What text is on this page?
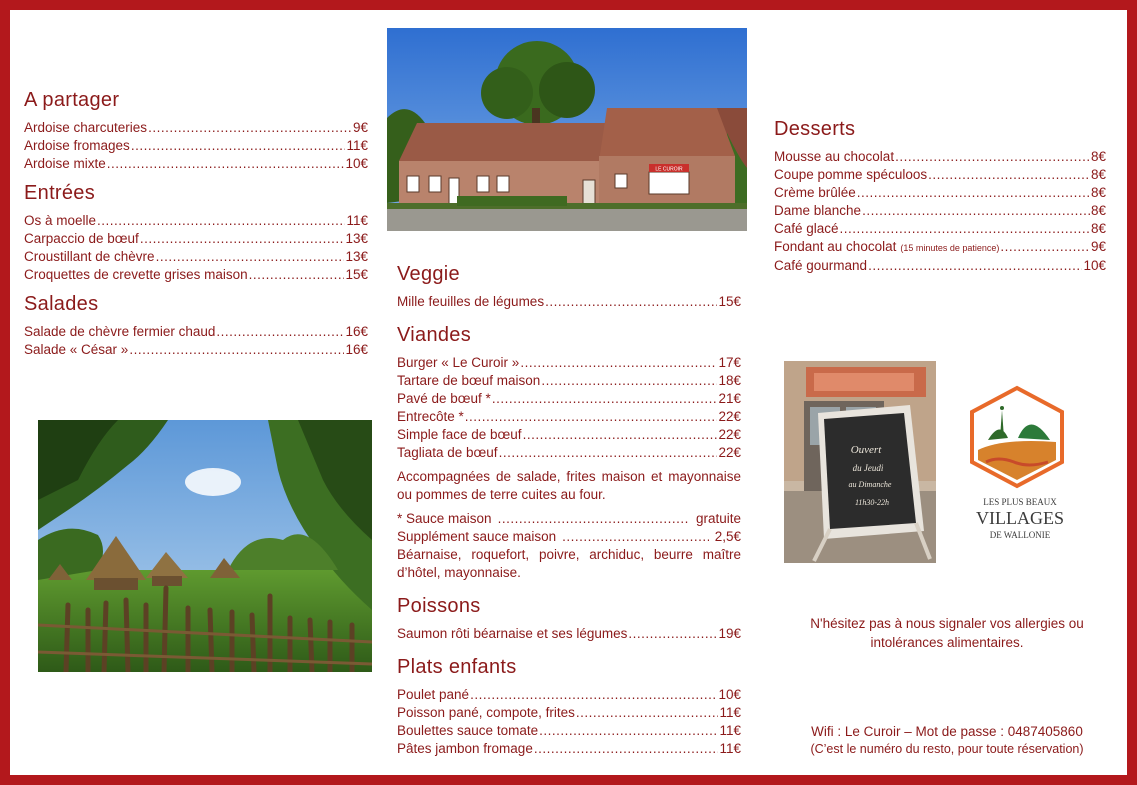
A partager
Ardoise charcuteries .....	9€
Ardoise fromages .....	11€
Ardoise mixte .....	10€
Entrées
Os à moelle .....	11€
Carpaccio de bœuf .....	13€
Croustillant de chèvre .....	13€
Croquettes de crevette grises maison .....	15€
Salades
Salade de chèvre fermier chaud .....	16€
Salade « César » .....	16€
LE CUROIR
Veggie
Mille feuilles de légumes .....	15€
Viandes
Burger « Le Curoir » .....	17€
Tartare de bœuf maison .....	18€
Pavé de bœuf * .....	21€
Entrecôte * .....	22€
Simple face de bœuf .....	22€
Tagliata de bœuf .....	22€
Accompagnées de salade, frites maison et mayonnaise ou pommes de terre cuites au four.
* Sauce maison .....	gratuite
Supplément sauce maison .....	2,5€
Béarnaise, roquefort, poivre, archiduc, beurre maître d’hôtel, mayonnaise.
Poissons
Saumon rôti béarnaise et ses légumes .....	19€
Plats enfants
Poulet pané .....	10€
Poisson pané, compote, frites .....	11€
Boulettes sauce tomate .....	11€
Pâtes jambon fromage .....	11€
Desserts
Mousse au chocolat .....	8€
Coupe pomme spéculoos .....	8€
Crème brûlée .....	8€
Dame blanche .....	8€
Café glacé .....	8€
Fondant au chocolat (15 minutes de patience) .....	9€
Café gourmand .....	10€
Ouvert
du Jeudi
au Dimanche
11h30-22h	LES PLUS BEAUX
VILLAGES
DE WALLONIE
N'hésitez pas à nous signaler vos allergies ou intolérances alimentaires.
Wifi : Le Curoir – Mot de passe : 0487405860
(C’est le numéro du resto, pour toute réservation)
